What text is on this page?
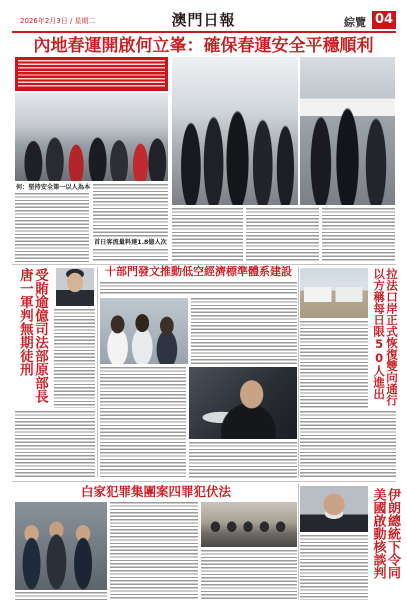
2026年2月3日 / 星期二	澳門日報	綜覽 04
內地春運開啟何立峯：確保春運安全平穩順利
何：堅持安全第一以人為本
首日客流量料達1.8億人次
受賄逾億司法部原部長唐一軍判無期徒刑	十部門發文推動低空經濟標準體系建設	拉法口岸正式恢復雙向通行以方稱每日限50人進出
白家犯罪集團案四罪犯伏法	伊朗總統下令同美國啟動核談判
